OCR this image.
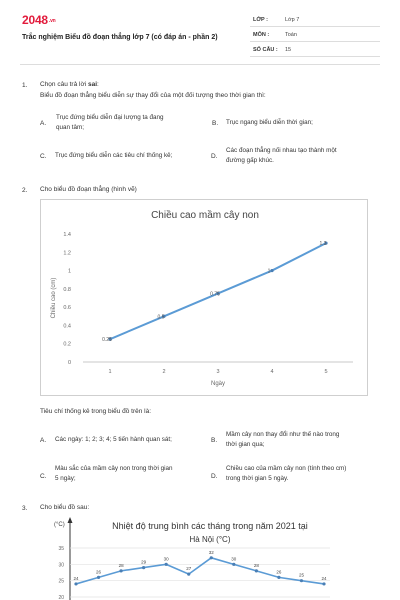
2048.vn
Trắc nghiệm Biểu đồ đoạn thẳng lớp 7 (có đáp án - phần 2)
LỚP :	Lớp 7
MÔN :	Toán
SỐ CÂU : 15
1. Chọn câu trả lời sai:
Biểu đồ đoạn thẳng biểu diễn sự thay đổi của một đối tượng theo thời gian thì:
A.
Trục đứng biểu diễn đại lượng ta đang
quan tâm;
B. Trục ngang biểu diễn thời gian;
C. Trục đứng biểu diễn các tiêu chí thống kê;	D.
Các đoạn thẳng nối nhau tạo thành một
đường gấp khúc.
2. Cho biểu đồ đoạn thẳng (hình vẽ)
Chiều cao mầm cây non
0
0.2
0.4
0.6
0.8
1
1.2
1.4
1	2	3	4	5
Ngày
Chiều cao (cm)
0.25
0.5
0.75
1
1.3
Tiêu chí thống kê trong biểu đồ trên là:
A. Các ngày: 1; 2; 3; 4; 5 tiến hành quan sát;	B.
Mầm cây non thay đổi như thế nào trong
thời gian qua;
C.
Màu sắc của mầm cây non trong thời gian
5 ngày;	D.
Chiều cao của mầm cây non (tính theo cm)
trong thời gian 5 ngày.
3. Cho biểu đồ sau:
(°C)	Nhiệt độ trung bình các tháng trong năm 2021 tại
Hà Nội (°C)
20
25
30
35
24
26
28
29
30
27
32
30
28
26
25
24
